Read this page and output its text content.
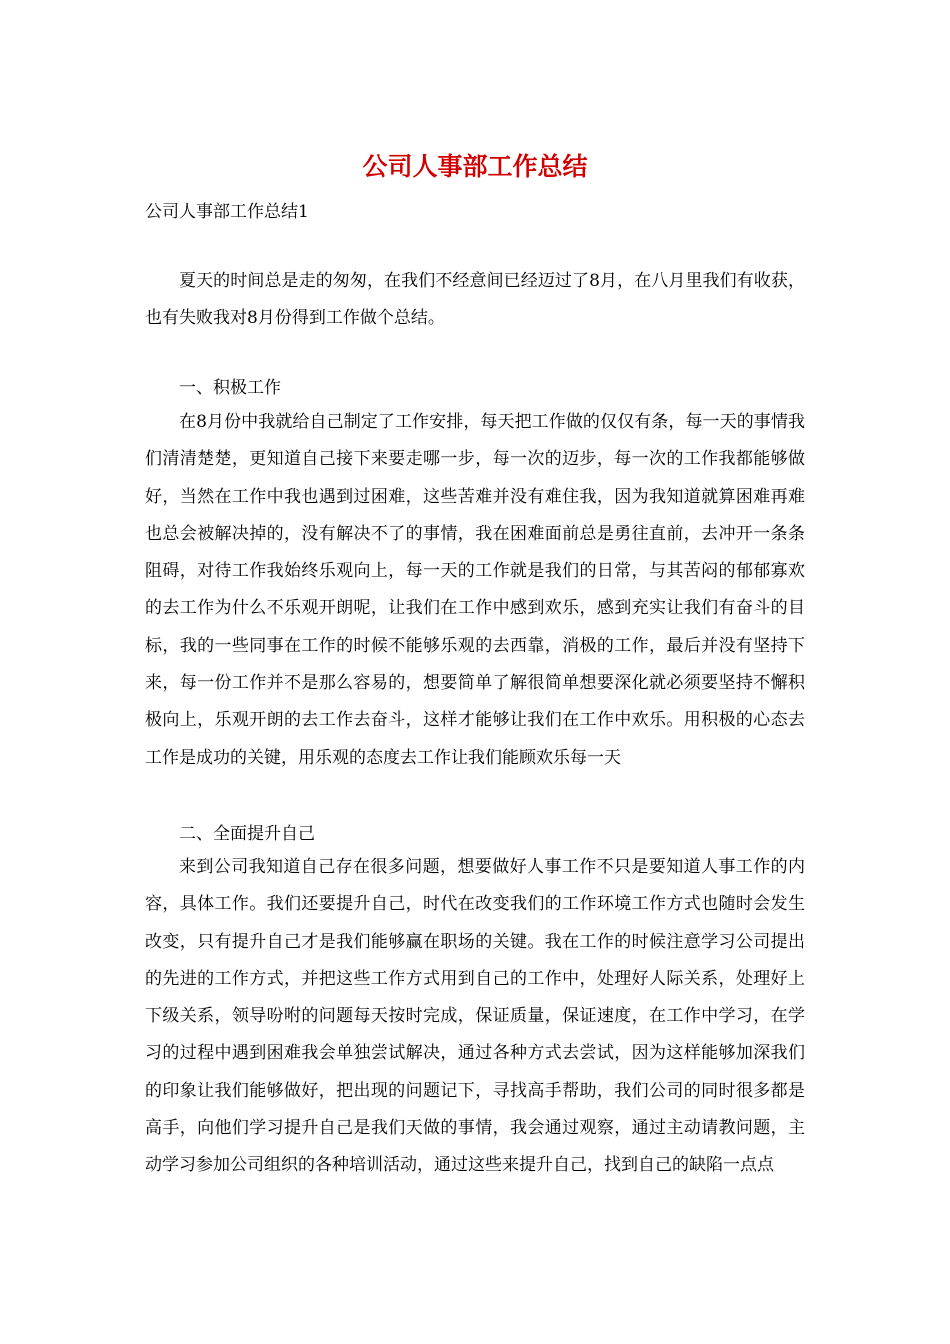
公司人事部工作总结

公司人事部工作总结1

夏天的时间总是走的匆匆，在我们不经意间已经迈过了8月，在八月里我们有收获，也有失败我对8月份得到工作做个总结。

一、积极工作

在8月份中我就给自己制定了工作安排，每天把工作做的仅仅有条，每一天的事情我们清清楚楚，更知道自己接下来要走哪一步，每一次的迈步，每一次的工作我都能够做好，当然在工作中我也遇到过困难，这些苦难并没有难住我，因为我知道就算困难再难也总会被解决掉的，没有解决不了的事情，我在困难面前总是勇往直前，去冲开一条条阻碍，对待工作我始终乐观向上，每一天的工作就是我们的日常，与其苦闷的郁郁寡欢的去工作为什么不乐观开朗呢，让我们在工作中感到欢乐，感到充实让我们有奋斗的目标，我的一些同事在工作的时候不能够乐观的去西靠，消极的工作，最后并没有坚持下来，每一份工作并不是那么容易的，想要简单了解很简单想要深化就必须要坚持不懈积极向上，乐观开朗的去工作去奋斗，这样才能够让我们在工作中欢乐。用积极的心态去工作是成功的关键，用乐观的态度去工作让我们能顾欢乐每一天

二、全面提升自己

来到公司我知道自己存在很多问题，想要做好人事工作不只是要知道人事工作的内容，具体工作。我们还要提升自己，时代在改变我们的工作环境工作方式也随时会发生改变，只有提升自己才是我们能够赢在职场的关键。我在工作的时候注意学习公司提出的先进的工作方式，并把这些工作方式用到自己的工作中，处理好人际关系，处理好上下级关系，领导吩咐的问题每天按时完成，保证质量，保证速度，在工作中学习，在学习的过程中遇到困难我会单独尝试解决，通过各种方式去尝试，因为这样能够加深我们的印象让我们能够做好，把出现的问题记下，寻找高手帮助，我们公司的同时很多都是高手，向他们学习提升自己是我们天做的事情，我会通过观察，通过主动请教问题，主动学习参加公司组织的各种培训活动，通过这些来提升自己，找到自己的缺陷一点点
